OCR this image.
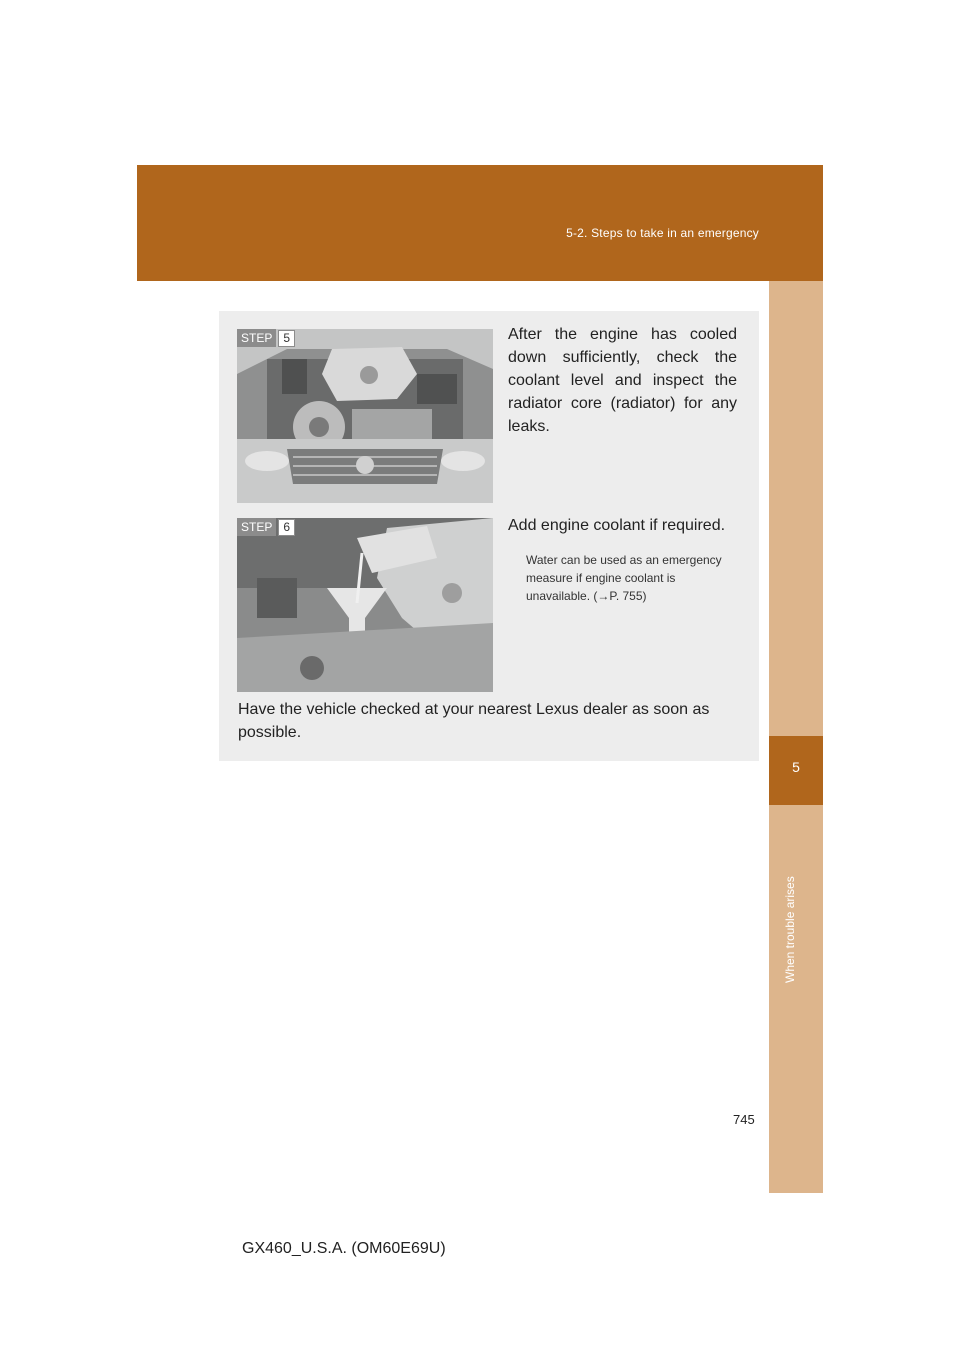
5-2. Steps to take in an emergency
5
When trouble arises
STEP 5	After the engine has cooled down sufficiently, check the coolant level and inspect the radiator core (radiator) for any leaks.
STEP 6	Add engine coolant if required.
Water can be used as an emergency measure if engine coolant is unavailable. (→P. 755)
Have the vehicle checked at your nearest Lexus dealer as soon as possible.
745
GX460_U.S.A. (OM60E69U)
